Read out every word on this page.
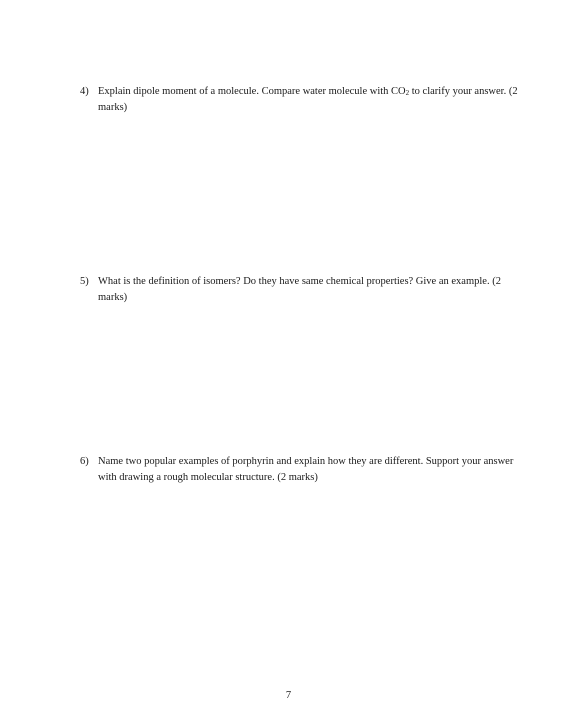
4) Explain dipole moment of a molecule. Compare water molecule with CO2 to clarify your answer. (2 marks)
5) What is the definition of isomers? Do they have same chemical properties? Give an example. (2 marks)
6) Name two popular examples of porphyrin and explain how they are different. Support your answer with drawing a rough molecular structure. (2 marks)
7
